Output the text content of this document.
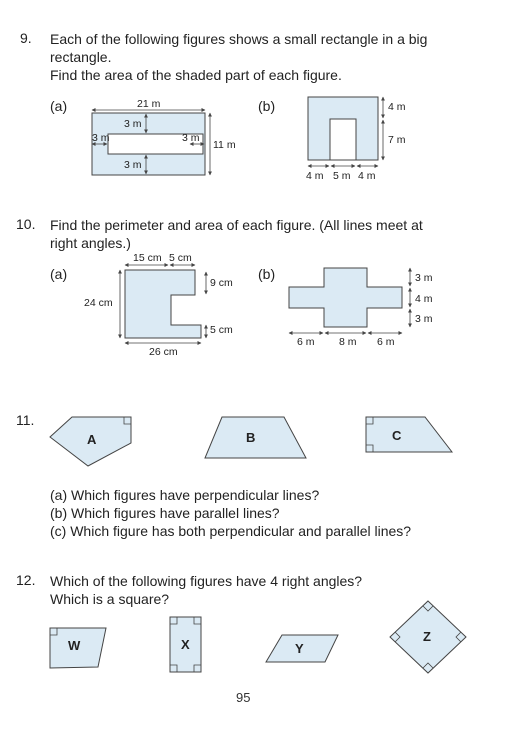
9. Each of the following figures shows a small rectangle in a big
rectangle.
Find the area of the shaded part of each figure.
(a)	(b)
10. Find the perimeter and area of each figure. (All lines meet at
right angles.)
(a)	(b)
11.
(a) Which figures have perpendicular lines?
(b) Which figures have parallel lines?
(c) Which figure has both perpendicular and parallel lines?
12. Which of the following figures have 4 right angles?
Which is a square?
95
21 m
3 m
3 m	3 m
11 m
3 m
4 m
7 m
4 m 5 m 4 m
15 cm 5 cm
24 cm
9 cm
5 cm
26 cm
3 m
4 m
3 m
6 m 8 m 6 m
A	B	C
W	X	Y
Z
